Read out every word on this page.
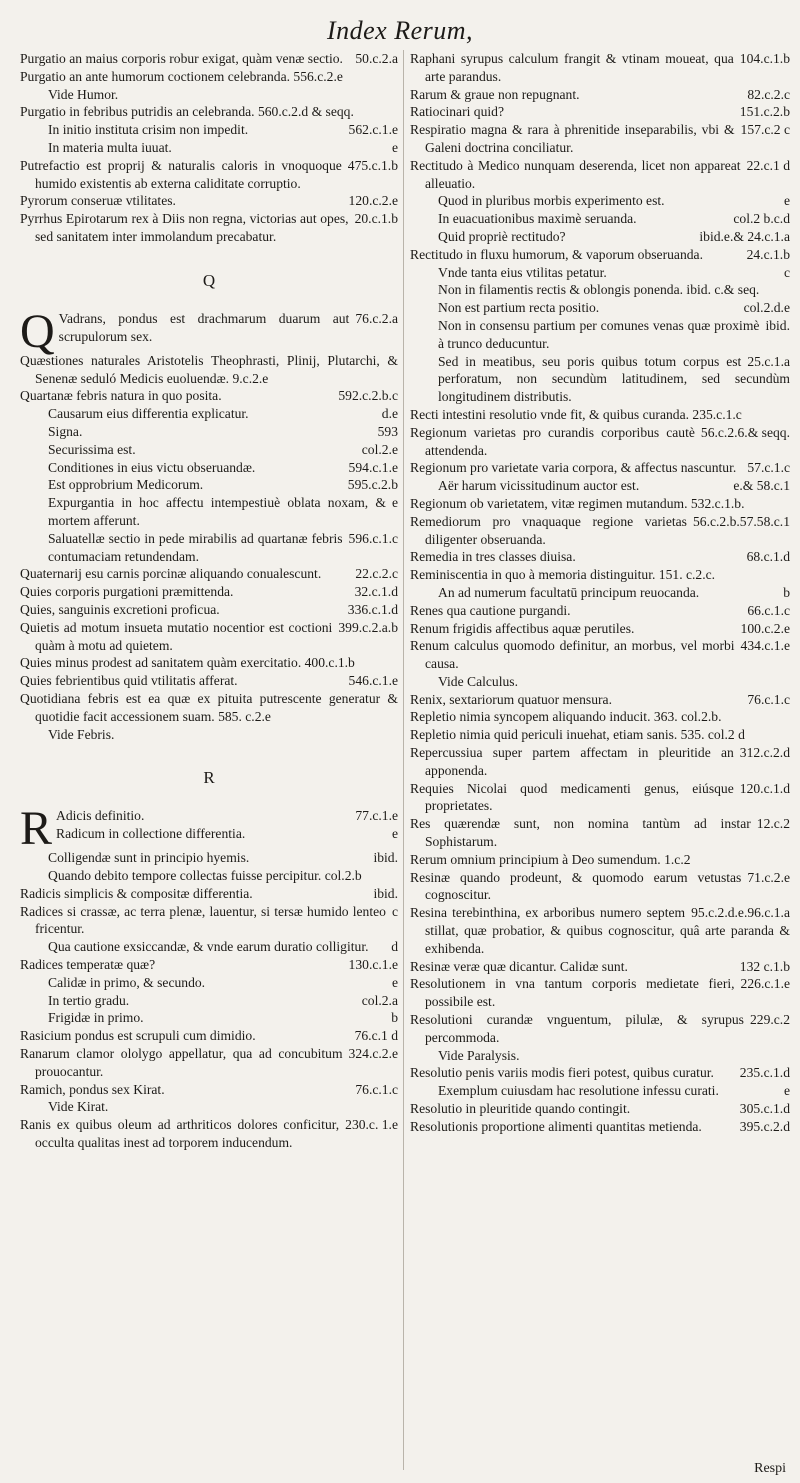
Index Rerum,
50.c.2.a
Purgatio an maius corporis robur exigat, quàm venæ sectio.
Purgatio an ante humorum coctionem celebranda. 556.c.2.e
Vide Humor.
Purgatio in febribus putridis an celebranda. 560.c.2.d & seqq.
562.c.1.e
In initio instituta crisim non impedit.
e
In materia multa iuuat.
475.c.1.b
Putrefactio est proprij & naturalis caloris in vnoquoque humido existentis ab externa caliditate corruptio.
120.c.2.e
Pyrorum conseruæ vtilitates.
20.c.1.b
Pyrrhus Epirotarum rex à Diis non regna, victorias aut opes, sed sanitatem inter immolandum precabatur.
Q
Q	76.c.2.a
Vadrans, pondus est drachmarum duarum aut scrupulorum sex.
Quæstiones naturales Aristotelis Theophrasti, Plinij, Plutarchi, & Senenæ seduló Medicis euoluendæ. 9.c.2.e
592.c.2.b.c
Quartanæ febris natura in quo posita.
d.e
Causarum eius differentia explicatur.
593
Signa.
col.2.e
Securissima est.
594.c.1.e
Conditiones in eius victu obseruandæ.
595.c.2.b
Est opprobrium Medicorum.
e
Expurgantia in hoc affectu intempestiuè oblata noxam, & mortem afferunt.
596.c.1.c
Saluatellæ sectio in pede mirabilis ad quartanæ febris contumaciam retundendam.
22.c.2.c
Quaternarij esu carnis porcinæ aliquando conualescunt.
32.c.1.d
Quies corporis purgationi præmittenda.
336.c.1.d
Quies, sanguinis excretioni proficua.
399.c.2.a.b
Quietis ad motum insueta mutatio nocentior est coctioni quàm à motu ad quietem.
Quies minus prodest ad sanitatem quàm exercitatio. 400.c.1.b
546.c.1.e
Quies febrientibus quid vtilitatis afferat.
Quotidiana febris est ea quæ ex pituita putrescente generatur & quotidie facit accessionem suam. 585. c.2.e
Vide Febris.
R
R	77.c.1.e
Adicis definitio.
e
Radicum in collectione differentia.
ibid.
Colligendæ sunt in principio hyemis.
Quando debito tempore collectas fuisse percipitur. col.2.b
ibid.
Radicis simplicis & compositæ differentia.
c
Radices si crassæ, ac terra plenæ, lauentur, si tersæ humido lenteo fricentur.
d
Qua cautione exsiccandæ, & vnde earum duratio colligitur.
130.c.1.e
Radices temperatæ quæ?
e
Calidæ in primo, & secundo.
col.2.a
In tertio gradu.
b
Frigidæ in primo.
76.c.1 d
Rasicium pondus est scrupuli cum dimidio.
324.c.2.e
Ranarum clamor ololygo appellatur, qua ad concubitum prouocantur.
76.c.1.c
Ramich, pondus sex Kirat.
Vide Kirat.
230.c. 1.e
Ranis ex quibus oleum ad arthriticos dolores conficitur, occulta qualitas inest ad torporem inducendum.
104.c.1.b
Raphani syrupus calculum frangit & vtinam moueat, qua arte parandus.
82.c.2.c
Rarum & graue non repugnant.
151.c.2.b
Ratiocinari quid?
157.c.2 c
Respiratio magna & rara à phrenitide inseparabilis, vbi & Galeni doctrina conciliatur.
22.c.1 d
Rectitudo à Medico nunquam deserenda, licet non appareat alleuatio.
e
Quod in pluribus morbis experimento est.
col.2 b.c.d
In euacuationibus maximè seruanda.
ibid.e.& 24.c.1.a
Quid propriè rectitudo?
24.c.1.b
Rectitudo in fluxu humorum, & vaporum obseruanda.
c
Vnde tanta eius vtilitas petatur.
Non in filamentis rectis & oblongis ponenda. ibid. c.& seq.
col.2.d.e
Non est partium recta positio.
ibid.
Non in consensu partium per comunes venas quæ proximè à trunco deducuntur.
25.c.1.a
Sed in meatibus, seu poris quibus totum corpus est perforatum, non secundùm latitudinem, sed secundùm longitudinem distributis.
Recti intestini resolutio vnde fit, & quibus curanda. 235.c.1.c
56.c.2.6.& seqq.
Regionum varietas pro curandis corporibus cautè attendenda.
57.c.1.c
Regionum pro varietate varia corpora, & affectus nascuntur.
e.& 58.c.1
Aër harum vicissitudinum auctor est.
Regionum ob varietatem, vitæ regimen mutandum. 532.c.1.b.
56.c.2.b.57.58.c.1
Remediorum pro vnaquaque regione varietas diligenter obseruanda.
68.c.1.d
Remedia in tres classes diuisa.
Reminiscentia in quo à memoria distinguitur. 151. c.2.c.
b
An ad numerum facultatū principum reuocanda.
66.c.1.c
Renes qua cautione purgandi.
100.c.2.e
Renum frigidis affectibus aquæ perutiles.
434.c.1.e
Renum calculus quomodo definitur, an morbus, vel morbi causa.
Vide Calculus.
76.c.1.c
Renix, sextariorum quatuor mensura.
Repletio nimia syncopem aliquando inducit. 363. col.2.b.
Repletio nimia quid periculi inuehat, etiam sanis. 535. col.2 d
312.c.2.d
Repercussiua super partem affectam in pleuritide an apponenda.
120.c.1.d
Requies Nicolai quod medicamenti genus, eiúsque proprietates.
12.c.2
Res quærendæ sunt, non nomina tantùm ad instar Sophistarum.
Rerum omnium principium à Deo sumendum. 1.c.2
71.c.2.e
Resinæ quando prodeunt, & quomodo earum vetustas cognoscitur.
95.c.2.d.e.96.c.1.a
Resina terebinthina, ex arboribus numero septem stillat, quæ probatior, & quibus cognoscitur, quâ arte paranda & exhibenda.
132 c.1.b
Resinæ veræ quæ dicantur. Calidæ sunt.
226.c.1.e
Resolutionem in vna tantum corporis medietate fieri, possibile est.
229.c.2
Resolutioni curandæ vnguentum, pilulæ, & syrupus percommoda.
Vide Paralysis.
235.c.1.d
Resolutio penis variis modis fieri potest, quibus curatur.
e
Exemplum cuiusdam hac resolutione infessu curati.
305.c.1.d
Resolutio in pleuritide quando contingit.
395.c.2.d
Resolutionis proportione alimenti quantitas metienda.
Respi
